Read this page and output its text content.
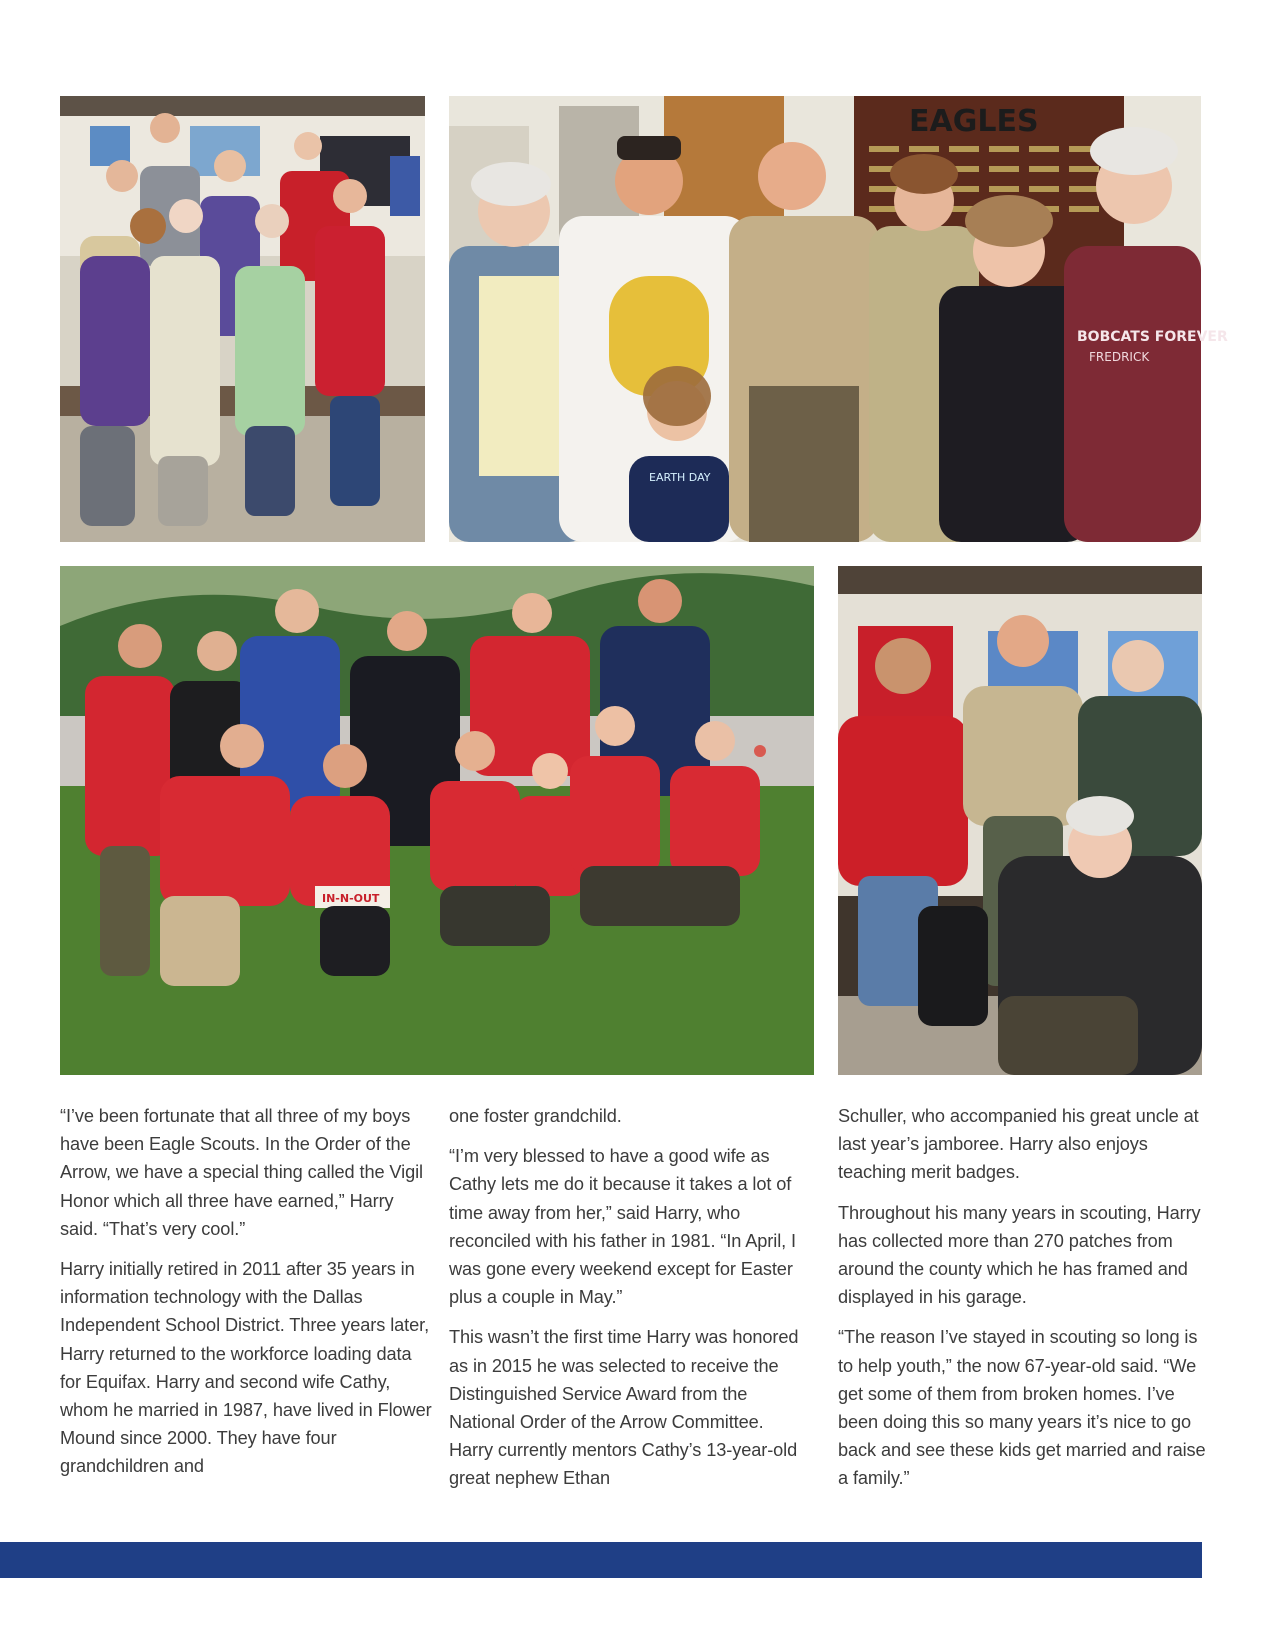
EAGLES
EARTH DAY
FREDRICK
BOBCATS FOREVER
IN-N-OUT

“I’ve been fortunate that all three of my boys have been Eagle Scouts. In the Order of the Arrow, we have a special thing called the Vigil Honor which all three have earned,” Harry said. “That’s very cool.”

Harry initially retired in 2011 after 35 years in information technology with the Dallas Independent School District. Three years later, Harry returned to the workforce loading data for Equifax. Harry and second wife Cathy, whom he married in 1987, have lived in Flower Mound since 2000. They have four grandchildren and

one foster grandchild.

“I’m very blessed to have a good wife as Cathy lets me do it because it takes a lot of time away from her,” said Harry, who reconciled with his father in 1981. “In April, I was gone every weekend except for Easter plus a couple in May.”

This wasn’t the first time Harry was honored as in 2015 he was selected to receive the Distinguished Service Award from the National Order of the Arrow Committee. Harry currently mentors Cathy’s 13-year-old great nephew Ethan

Schuller, who accompanied his great uncle at last year’s jamboree. Harry also enjoys teaching merit badges.

Throughout his many years in scouting, Harry has collected more than 270 patches from around the county which he has framed and displayed in his garage.

“The reason I’ve stayed in scouting so long is to help youth,” the now 67-year-old said. “We get some of them from broken homes. I’ve been doing this so many years it’s nice to go back and see these kids get married and raise a family.”
